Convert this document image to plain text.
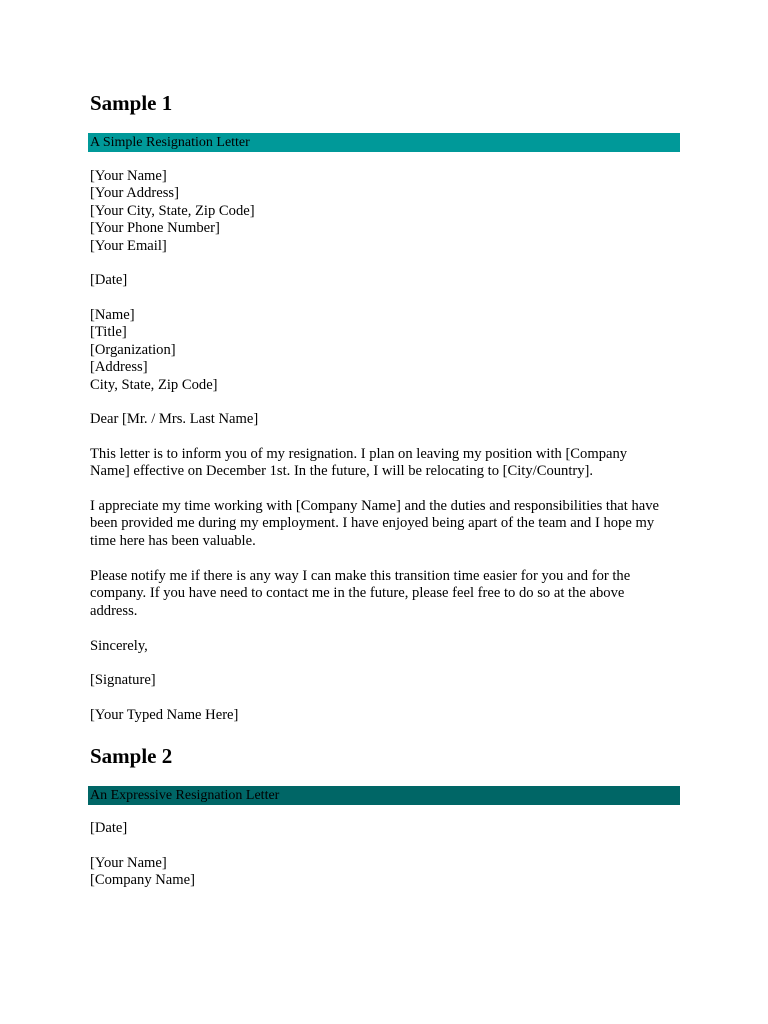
Sample 1
A Simple Resignation Letter
[Your Name]
[Your Address]
[Your City, State, Zip Code]
[Your Phone Number]
[Your Email]
[Date]
[Name]
[Title]
[Organization]
[Address]
City, State, Zip Code]
Dear [Mr. / Mrs. Last Name]
This letter is to inform you of my resignation. I plan on leaving my position with [Company
Name] effective on December 1st. In the future, I will be relocating to [City/Country].
I appreciate my time working with [Company Name] and the duties and responsibilities that have
been provided me during my employment. I have enjoyed being apart of the team and I hope my
time here has been valuable.
Please notify me if there is any way I can make this transition time easier for you and for the
company. If you have need to contact me in the future, please feel free to do so at the above
address.
Sincerely,
[Signature]
[Your Typed Name Here]
Sample 2
An Expressive Resignation Letter
[Date]
[Your Name]
[Company Name]
